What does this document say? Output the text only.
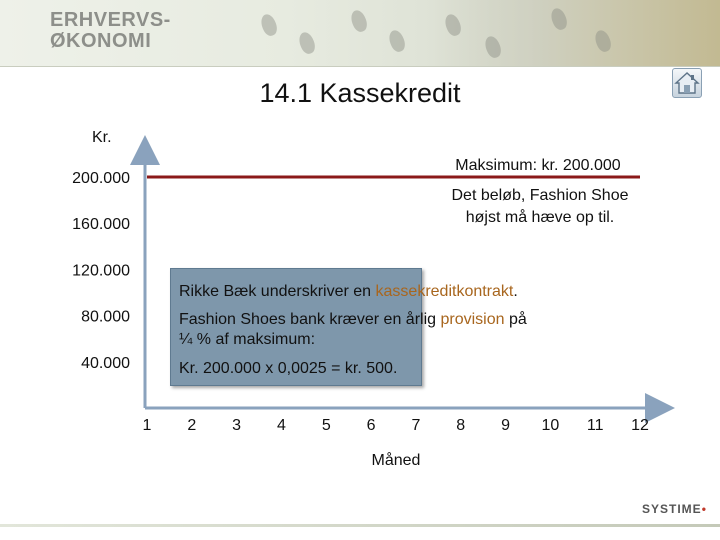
ERHVERVS-
ØKONOMI
14.1 Kassekredit
Kr.
Måned
200.000
160.000
120.000
80.000
40.000
1 2 3 4 5 6 7 8 9 10 11 12
Maksimum: kr. 200.000
Det beløb, Fashion Shoe
højst må hæve op til.
Rikke Bæk underskriver en kassekreditkontrakt.
Fashion Shoes bank kræver en årlig provision på
¼ % af maksimum:
Kr. 200.000 x 0,0025 = kr. 500.
SYSTIME•
